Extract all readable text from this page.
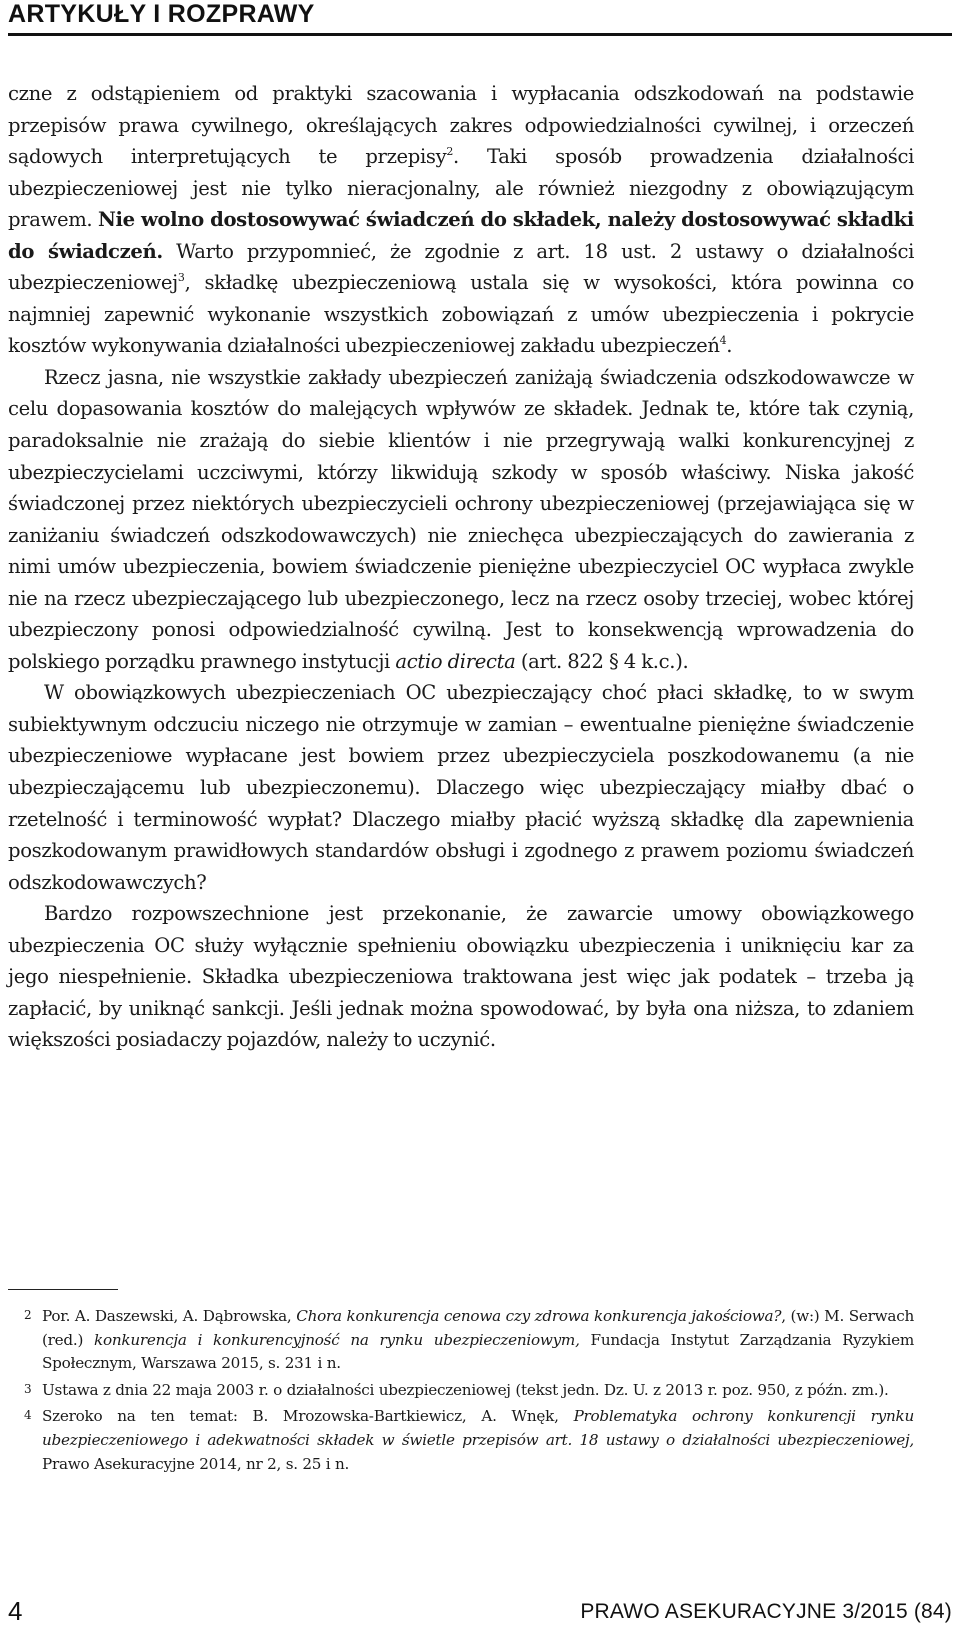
ARTYKUŁY I ROZPRAWY

czne z odstąpieniem od praktyki szacowania i wypłacania odszkodowań na podstawie przepisów prawa cywilnego, określających zakres odpowiedzialności cywilnej, i orzeczeń sądowych interpretujących te przepisy$^2$. Taki sposób prowadzenia działalności ubezpieczeniowej jest nie tylko nieracjonalny, ale również niezgodny z obowiązującym prawem. Nie wolno dostosowywać świadczeń do składek, należy dostosowywać składki do świadczeń. Warto przypomnieć, że zgodnie z art. 18 ust. 2 ustawy o działalności ubezpieczeniowej$^3$, składkę ubezpieczeniową ustala się w wysokości, która powinna co najmniej zapewnić wykonanie wszystkich zobowiązań z umów ubezpieczenia i pokrycie kosztów wykonywania działalności ubezpieczeniowej zakładu ubezpieczeń$^4$.

Rzecz jasna, nie wszystkie zakłady ubezpieczeń zaniżają świadczenia odszkodowawcze w celu dopasowania kosztów do malejących wpływów ze składek. Jednak te, które tak czynią, paradoksalnie nie zrażają do siebie klientów i nie przegrywają walki konkurencyjnej z ubezpieczycielami uczciwymi, którzy likwidują szkody w sposób właściwy. Niska jakość świadczonej przez niektórych ubezpieczycieli ochrony ubezpieczeniowej (przejawiająca się w zaniżaniu świadczeń odszkodowawczych) nie zniechęca ubezpieczających do zawierania z nimi umów ubezpieczenia, bowiem świadczenie pieniężne ubezpieczyciel OC wypłaca zwykle nie na rzecz ubezpieczającego lub ubezpieczonego, lecz na rzecz osoby trzeciej, wobec której ubezpieczony ponosi odpowiedzialność cywilną. Jest to konsekwencją wprowadzenia do polskiego porządku prawnego instytucji actio directa (art. 822 § 4 k.c.).

W obowiązkowych ubezpieczeniach OC ubezpieczający choć płaci składkę, to w swym subiektywnym odczuciu niczego nie otrzymuje w zamian – ewentualne pieniężne świadczenie ubezpieczeniowe wypłacane jest bowiem przez ubezpieczyciela poszkodowanemu (a nie ubezpieczającemu lub ubezpieczonemu). Dlaczego więc ubezpieczający miałby dbać o rzetelność i terminowość wypłat? Dlaczego miałby płacić wyższą składkę dla zapewnienia poszkodowanym prawidłowych standardów obsługi i zgodnego z prawem poziomu świadczeń odszkodowawczych?

Bardzo rozpowszechnione jest przekonanie, że zawarcie umowy obowiązkowego ubezpieczenia OC służy wyłącznie spełnieniu obowiązku ubezpieczenia i uniknięciu kar za jego niespełnienie. Składka ubezpieczeniowa traktowana jest więc jak podatek – trzeba ją zapłacić, by uniknąć sankcji. Jeśli jednak można spowodować, by była ona niższa, to zdaniem większości posiadaczy pojazdów, należy to uczynić.

2 Por. A. Daszewski, A. Dąbrowska, Chora konkurencja cenowa czy zdrowa konkurencja jakościowa?, (w:) M. Serwach (red.) konkurencja i konkurencyjność na rynku ubezpieczeniowym, Fundacja Instytut Zarządzania Ryzykiem Społecznym, Warszawa 2015, s. 231 i n.
3 Ustawa z dnia 22 maja 2003 r. o działalności ubezpieczeniowej (tekst jedn. Dz. U. z 2013 r. poz. 950, z późn. zm.).
4 Szeroko na ten temat: B. Mrozowska-Bartkiewicz, A. Wnęk, Problematyka ochrony konkurencji rynku ubezpieczeniowego i adekwatności składek w świetle przepisów art. 18 ustawy o działalności ubezpieczeniowej, Prawo Asekuracyjne 2014, nr 2, s. 25 i n.
4	PRAWO ASEKURACYJNE 3/2015 (84)
